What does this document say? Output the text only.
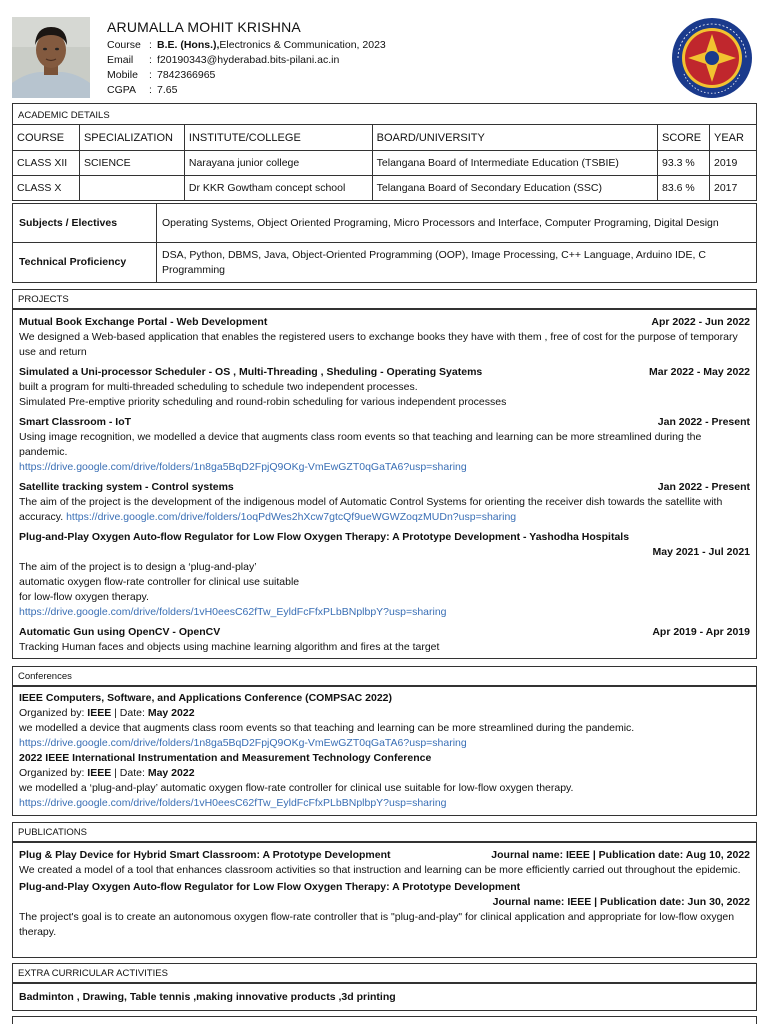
ARUMALLA MOHIT KRISHNA
Course : B.E. (Hons.), Electronics & Communication, 2023
Email	: f20190343@hyderabad.bits-pilani.ac.in
Mobile	: 7842366965
CGPA	: 7.65
ACADEMIC DETAILS					
COURSE	SPECIALIZATION	INSTITUTE/COLLEGE	BOARD/UNIVERSITY	SCORE	YEAR
CLASS XII	SCIENCE	Narayana junior college	Telangana Board of Intermediate Education (TSBIE)	93.3 %	2019
CLASS X		Dr KKR Gowtham concept school	Telangana Board of Secondary Education (SSC)	83.6 %	2017
Subjects / Electives	Operating Systems, Object Oriented Programing, Micro Processors and Interface, Computer Programing, Digital Design
Technical Proficiency	DSA, Python, DBMS, Java, Object-Oriented Programming (OOP), Image Processing, C++ Language, Arduino IDE, C Programming
PROJECTS
Mutual Book Exchange Portal - Web Development	Apr 2022 - Jun 2022
We designed a Web-based application that enables the registered users to exchange books they have with them , free of cost for the purpose of temporary use and return
Simulated a Uni-processor Scheduler - OS , Multi-Threading , Sheduling - Operating Syatems	Mar 2022 - May 2022
built a program for multi-threaded scheduling to schedule two independent processes.
Simulated Pre-emptive priority scheduling and round-robin scheduling for various independent processes
Smart Classroom - IoT	Jan 2022 - Present
Using image recognition, we modelled a device that augments class room events so that teaching and learning can be more streamlined during the pandemic.
https://drive.google.com/drive/folders/1n8ga5BqD2FpjQ9OKg-VmEwGZT0qGaTA6?usp=sharing
Satellite tracking system - Control systems	Jan 2022 - Present
The aim of the project is the development of the indigenous model of Automatic Control Systems for orienting the receiver dish towards the satellite with accuracy. https://drive.google.com/drive/folders/1oqPdWes2hXcw7gtcQf9ueWGWZoqzMUDn?usp=sharing
Plug-and-Play Oxygen Auto-flow Regulator for Low Flow Oxygen Therapy: A Prototype Development - Yashodha Hospitals
May 2021 - Jul 2021
The aim of the project is to design a ‘plug-and-play’
automatic oxygen flow-rate controller for clinical use suitable
for low-flow oxygen therapy.
https://drive.google.com/drive/folders/1vH0eesC62fTw_EyldFcFfxPLbBNplbpY?usp=sharing
Automatic Gun using OpenCV - OpenCV	Apr 2019 - Apr 2019
Tracking Human faces and objects using machine learning algorithm and fires at the target
Conferences
IEEE Computers, Software, and Applications Conference (COMPSAC 2022)
Organized by: IEEE | Date: May 2022
we modelled a device that augments class room events so that teaching and learning can be more streamlined during the pandemic.
https://drive.google.com/drive/folders/1n8ga5BqD2FpjQ9OKg-VmEwGZT0qGaTA6?usp=sharing
2022 IEEE International Instrumentation and Measurement Technology Conference
Organized by: IEEE | Date: May 2022
we modelled a ‘plug-and-play’ automatic oxygen flow-rate controller for clinical use suitable for low-flow oxygen therapy.
https://drive.google.com/drive/folders/1vH0eesC62fTw_EyldFcFfxPLbBNplbpY?usp=sharing
PUBLICATIONS
Plug & Play Device for Hybrid Smart Classroom: A Prototype Development	Journal name: IEEE | Publication date: Aug 10, 2022
We created a model of a tool that enhances classroom activities so that instruction and learning can be more efficiently carried out throughout the epidemic.
Plug-and-Play Oxygen Auto-flow Regulator for Low Flow Oxygen Therapy: A Prototype Development
Journal name: IEEE | Publication date: Jun 30, 2022
The project's goal is to create an autonomous oxygen flow-rate controller that is "plug-and-play" for clinical application and appropriate for low-flow oxygen therapy.
EXTRA CURRICULAR ACTIVITIES
Badminton , Drawing, Table tennis ,making innovative products ,3d printing
